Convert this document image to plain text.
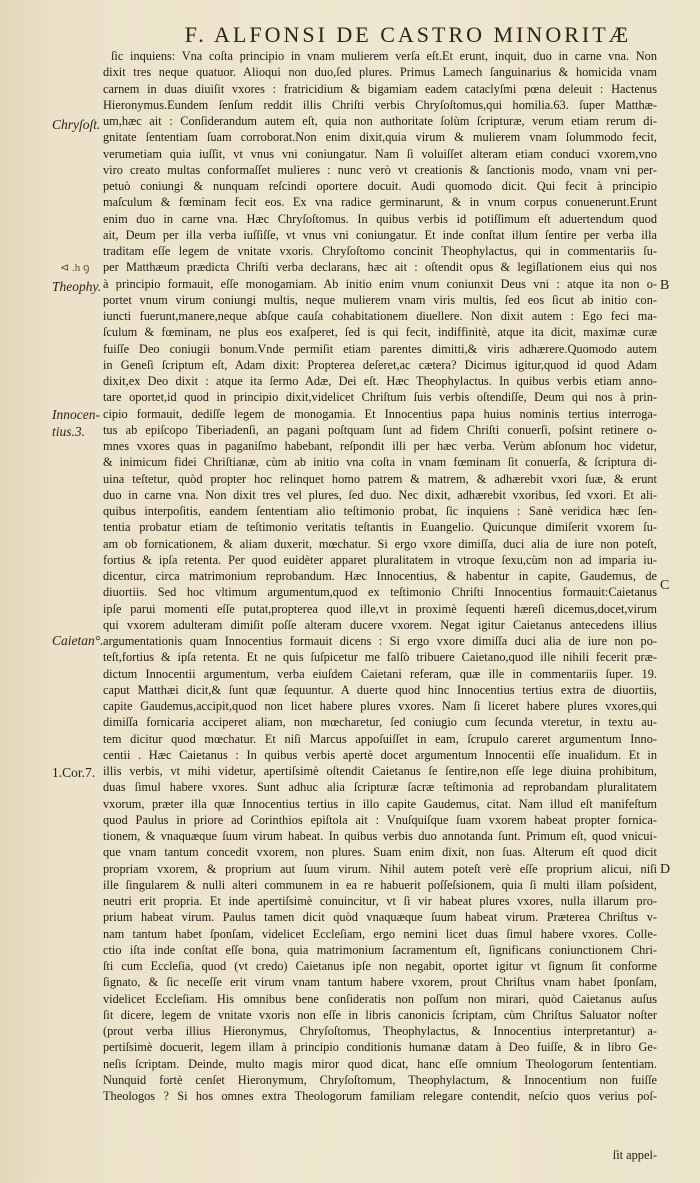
F. ALFONSI DE CASTRO MINORITÆ
Chryſoſt.
⊲ .h ꝯ
Theophy.
Innocen-
tius.3.
Caietan°.
1.Cor.7.
B
C
D
ſic inquiens: Vna coſta principio in vnam mulierem verſa eſt.Et erunt, inquit, duo in carne vna. Non
dixit tres neque quatuor. Alioqui non duo,ſed plures. Primus Lamech ſanguinarius & homicida vnam
carnem in duas diuiſit vxores : fratricidium & bigamiam eadem cataclyſmi pœna deleuit : Hactenus
Hieronymus.Eundem ſenſum reddit illis Chriſti verbis Chryſoſtomus,qui homilia.63. ſuper Matthæ-
um,hæc ait : Conſiderandum autem eſt, quia non authoritate ſolùm ſcripturæ, verum etiam rerum di-
gnitate ſententiam ſuam corroborat.Non enim dixit,quia virum & mulierem vnam ſolummodo fecit,
verumetiam quia iuſſit, vt vnus vni coniungatur. Nam ſi voluiſſet alteram etiam conduci vxorem,vno
viro creato multas conformaſſet mulieres : nunc verò vt creationis & ſanctionis modo, vnam vni per-
petuò coniungi & nunquam reſcindi oportere docuit. Audi quomodo dicit. Qui fecit à principio
maſculum & fœminam fecit eos. Ex vna radice germinarunt, & in vnum corpus conuenerunt.Erunt
enim duo in carne vna. Hæc Chryſoſtomus. In quibus verbis id potiſſimum eſt aduertendum quod
ait, Deum per illa verba iuſſiſſe, vt vnus vni coniungatur. Et inde conſtat illum ſentire per verba illa
traditam eſſe legem de vnitate vxoris. Chryſoſtomo concinit Theophylactus, qui in commentariis ſu-
per Matthæum prædicta Chriſti verba declarans, hæc ait : oſtendit opus & legiſlationem eius qui nos
à principio formauit, eſſe monogamiam. Ab initio enim vnum coniunxit Deus vni : atque ita non o-
portet vnum virum coniungi multis, neque mulierem vnam viris multis, ſed eos ſicut ab initio con-
iuncti fuerunt,manere,neque abſque cauſa cohabitationem diuellere. Non dixit autem : Ego feci ma-
ſculum & fœminam, ne plus eos exaſperet, ſed is qui fecit, indiffinitè, atque ita dicit, maximæ curæ
fuiſſe Deo coniugii bonum.Vnde permiſit etiam parentes dimitti,& viris adhærere.Quomodo autem
in Geneſi ſcriptum eſt, Adam dixit: Propterea deſeret,ac cætera? Dicimus igitur,quod id quod Adam
dixit,ex Deo dixit : atque ita ſermo Adæ, Dei eſt. Hæc Theophylactus. In quibus verbis etiam anno-
tare oportet,id quod in principio dixit,videlicet Chriſtum ſuis verbis oſtendiſſe, Deum qui nos à prin-
cipio formauit, dediſſe legem de monogamia. Et Innocentius papa huius nominis tertius interroga-
tus ab epiſcopo Tiberiadenſi, an pagani poſtquam ſunt ad fidem Chriſti conuerſi, poſsint retinere o-
mnes vxores quas in paganiſmo habebant, reſpondit illi per hæc verba. Verùm abſonum hoc videtur,
& inimicum fidei Chriſtianæ, cùm ab initio vna coſta in vnam fœminam ſit conuerſa, & ſcriptura di-
uina teſtetur, quòd propter hoc relinquet homo patrem & matrem, & adhærebit vxori ſuæ, & erunt
duo in carne vna. Non dixit tres vel plures, ſed duo. Nec dixit, adhærebit vxoribus, ſed vxori. Et ali-
quibus interpoſitis, eandem ſententiam alio teſtimonio probat, ſic inquiens : Sanè veridica hæc ſen-
tentia probatur etiam de teſtimonio veritatis teſtantis in Euangelio. Quicunque dimiſerit vxorem ſu-
am ob fornicationem, & aliam duxerit, mœchatur. Si ergo vxore dimiſſa, duci alia de iure non poteſt,
fortius & ipſa retenta. Per quod euidèter apparet pluralitatem in vtroque ſexu,cùm non ad imparia iu-
dicentur, circa matrimonium reprobandum. Hæc Innocentius, & habentur in capite, Gaudemus, de
diuortiis. Sed hoc vltimum argumentum,quod ex teſtimonio Chriſti Innocentius formauit:Caietanus
ipſe parui momenti eſſe putat,propterea quod ille,vt in proximè ſequenti hæreſi dicemus,docet,virum
qui vxorem adulteram dimiſit poſſe alteram ducere vxorem. Negat igitur Caietanus antecedens illius
argumentationis quam Innocentius formauit dicens : Si ergo vxore dimiſſa duci alia de iure non po-
teſt,fortius & ipſa retenta. Et ne quis ſuſpicetur me falſò tribuere Caietano,quod ille nihili fecerit præ-
dictum Innocentii argumentum, verba eiuſdem Caietani referam, quæ ille in commentariis ſuper. 19.
caput Matthæi dicit,& ſunt quæ ſequuntur. A duerte quod hinc Innocentius tertius extra de diuortiis,
capite Gaudemus,accipit,quod non licet habere plures vxores. Nam ſi liceret habere plures vxores,qui
dimiſſa fornicaria acciperet aliam, non mœcharetur, ſed coniugio cum ſecunda vteretur, in textu au-
tem dicitur quod mœchatur. Et niſi Marcus appoſuiſſet in eam, ſcrupulo careret argumentum Inno-
centii . Hæc Caietanus : In quibus verbis apertè docet argumentum Innocentii eſſe inualidum. Et in
illis verbis, vt mihi videtur, apertiſsimè oſtendit Caietanus ſe ſentire,non eſſe lege diuina prohibitum,
duas ſimul habere vxores. Sunt adhuc alia ſcripturæ ſacræ teſtimonia ad reprobandam pluralitatem
vxorum, præter illa quæ Innocentius tertius in illo capite Gaudemus, citat. Nam illud eſt manifeſtum
quod Paulus in priore ad Corinthios epiſtola ait : Vnuſquiſque ſuam vxorem habeat propter fornica-
tionem, & vnaquæque ſuum virum habeat. In quibus verbis duo annotanda ſunt. Primum eſt, quod vnicui-
que vnam tantum concedit vxorem, non plures. Suam enim dixit, non ſuas. Alterum eſt quod dicit
propriam vxorem, & proprium aut ſuum virum. Nihil autem poteſt verè eſſe proprium alicui, niſi
ille ſingularem & nulli alteri communem in ea re habuerit poſſeſsionem, quia ſi multi illam poſsident,
neutri erit propria. Et inde apertiſsimè conuincitur, vt ſi vir habeat plures vxores, nulla illarum pro-
prium habeat virum. Paulus tamen dicit quòd vnaquæque ſuum habeat virum. Præterea Chriſtus v-
nam tantum habet ſponſam, videlicet Eccleſiam, ergo nemini licet duas ſimul habere vxores. Colle-
ctio iſta inde conſtat eſſe bona, quia matrimonium ſacramentum eſt, ſignificans coniunctionem Chri-
ſti cum Eccleſia, quod (vt credo) Caietanus ipſe non negabit, oportet igitur vt ſignum ſit conforme
ſignato, & ſic neceſſe erit virum vnam tantum habere vxorem, prout Chriſtus vnam habet ſponſam,
videlicet Eccleſiam. His omnibus bene conſideratis non poſſum non mirari, quòd Caietanus auſus
ſit dicere, legem de vnitate vxoris non eſſe in libris canonicis ſcriptam, cùm Chriſtus Saluator noſter
(prout verba illius Hieronymus, Chryſoſtomus, Theophylactus, & Innocentius interpretantur) a-
pertiſsimè docuerit, legem illam à principio conditionis humanæ datam à Deo fuiſſe, & in libro Ge-
neſis ſcriptam. Deinde, multo magis miror quod dicat, hanc eſſe omnium Theologorum ſententiam.
Nunquid fortè cenſet Hieronymum, Chryſoſtomum, Theophylactum, & Innocentium non fuiſſe
Theologos ? Si hos omnes extra Theologorum familiam relegare contendit, neſcio quos verius poſ-
ſit appel-
